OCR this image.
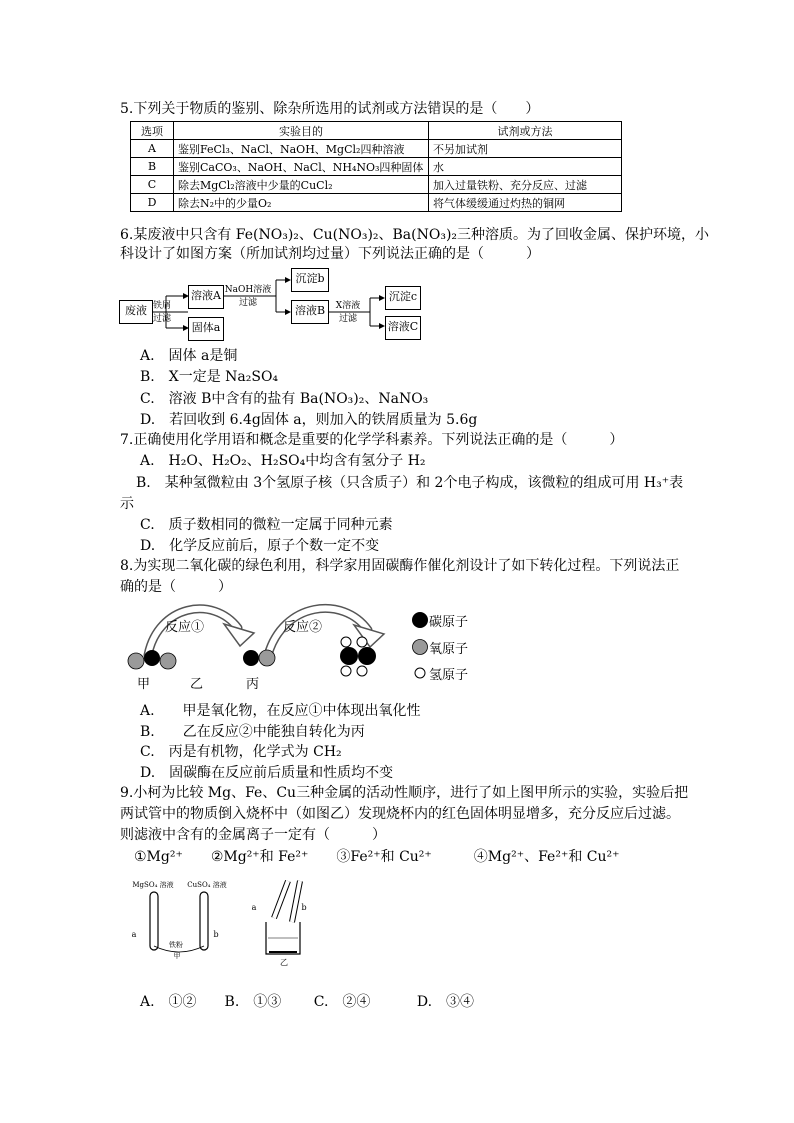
5.下列关于物质的鉴别、除杂所选用的试剂或方法错误的是（　　）
选项	实验目的	试剂或方法
A	鉴别FeCl₃、NaCl、NaOH、MgCl₂四种溶液	不另加试剂
B	鉴别CaCO₃、NaOH、NaCl、NH₄NO₃四种固体	水
C	除去MgCl₂溶液中少量的CuCl₂	加入过量铁粉、充分反应、过滤
D	除去N₂中的少量O₂	将气体缓缓通过灼热的铜网
6.某废液中只含有 Fe(NO₃)₂、Cu(NO₃)₂、Ba(NO₃)₂三种溶质。为了回收金属、保护环境，小
科设计了如图方案（所加试剂均过量）下列说法正确的是（　　　）
废液 铁屑
过滤
溶液A
固体a
NaOH溶液
过滤
沉淀b
溶液B	X溶液
过滤
沉淀c
溶液C
A.　固体 a是铜
B.　X一定是 Na₂SO₄
C.　溶液 B中含有的盐有 Ba(NO₃)₂、NaNO₃
D.　若回收到 6.4g固体 a，则加入的铁屑质量为 5.6g
7.正确使用化学用语和概念是重要的化学学科素养。下列说法正确的是（　　　）
A.　H₂O、H₂O₂、H₂SO₄中均含有氢分子 H₂
B.　某种氢微粒由 3个氢原子核（只含质子）和 2个电子构成，该微粒的组成可用 H₃⁺表
示
C.　质子数相同的微粒一定属于同种元素
D.　化学反应前后，原子个数一定不变
8.为实现二氧化碳的绿色利用，科学家用固碳酶作催化剂设计了如下转化过程。下列说法正
确的是（　　　）
反应①	反应②
甲	乙	丙
碳原子
氧原子
氢原子
A.　　甲是氧化物，在反应①中体现出氧化性
B.　　乙在反应②中能独自转化为丙
C.　丙是有机物，化学式为 CH₂
D.　固碳酶在反应前后质量和性质均不变
9.小柯为比较 Mg、Fe、Cu三种金属的活动性顺序，进行了如上图甲所示的实验，实验后把
两试管中的物质倒入烧杯中（如图乙）发现烧杯内的红色固体明显增多，充分反应后过滤。
则滤液中含有的金属离子一定有（　　　）
①Mg²⁺　　②Mg²⁺和 Fe²⁺　　③Fe²⁺和 Cu²⁺　　　④Mg²⁺、Fe²⁺和 Cu²⁺
MgSO₄ 溶液	CuSO₄ 溶液
a	b
铁粉
甲
a	b
乙
A.　①②　　B.　①③　　 C.　②④　　　 D.　③④
